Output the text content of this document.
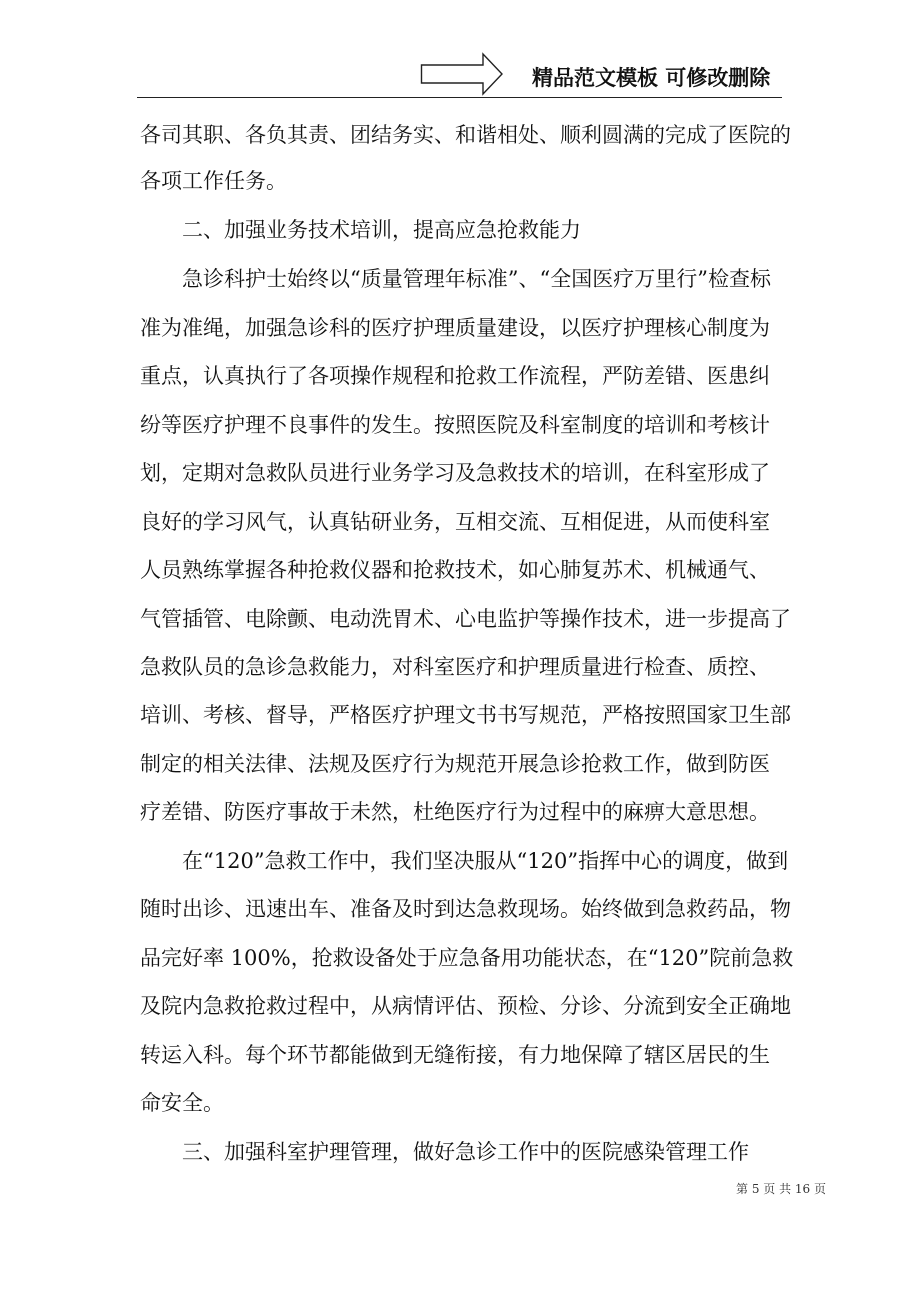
精品范文模板 可修改删除
各司其职、各负其责、团结务实、和谐相处、顺利圆满的完成了医院的
各项工作任务。
二、加强业务技术培训，提高应急抢救能力
急诊科护士始终以“质量管理年标准”、“全国医疗万里行”检查标
准为准绳，加强急诊科的医疗护理质量建设，以医疗护理核心制度为
重点，认真执行了各项操作规程和抢救工作流程，严防差错、医患纠
纷等医疗护理不良事件的发生。按照医院及科室制度的培训和考核计
划，定期对急救队员进行业务学习及急救技术的培训，在科室形成了
良好的学习风气，认真钻研业务，互相交流、互相促进，从而使科室
人员熟练掌握各种抢救仪器和抢救技术，如心肺复苏术、机械通气、
气管插管、电除颤、电动洗胃术、心电监护等操作技术，进一步提高了
急救队员的急诊急救能力，对科室医疗和护理质量进行检查、质控、
培训、考核、督导，严格医疗护理文书书写规范，严格按照国家卫生部
制定的相关法律、法规及医疗行为规范开展急诊抢救工作，做到防医
疗差错、防医疗事故于未然，杜绝医疗行为过程中的麻痹大意思想。
在“120”急救工作中，我们坚决服从“120”指挥中心的调度，做到
随时出诊、迅速出车、准备及时到达急救现场。始终做到急救药品，物
品完好率 100%，抢救设备处于应急备用功能状态，在“120”院前急救
及院内急救抢救过程中，从病情评估、预检、分诊、分流到安全正确地
转运入科。每个环节都能做到无缝衔接，有力地保障了辖区居民的生
命安全。
三、加强科室护理管理，做好急诊工作中的医院感染管理工作
第 5 页 共 16 页
